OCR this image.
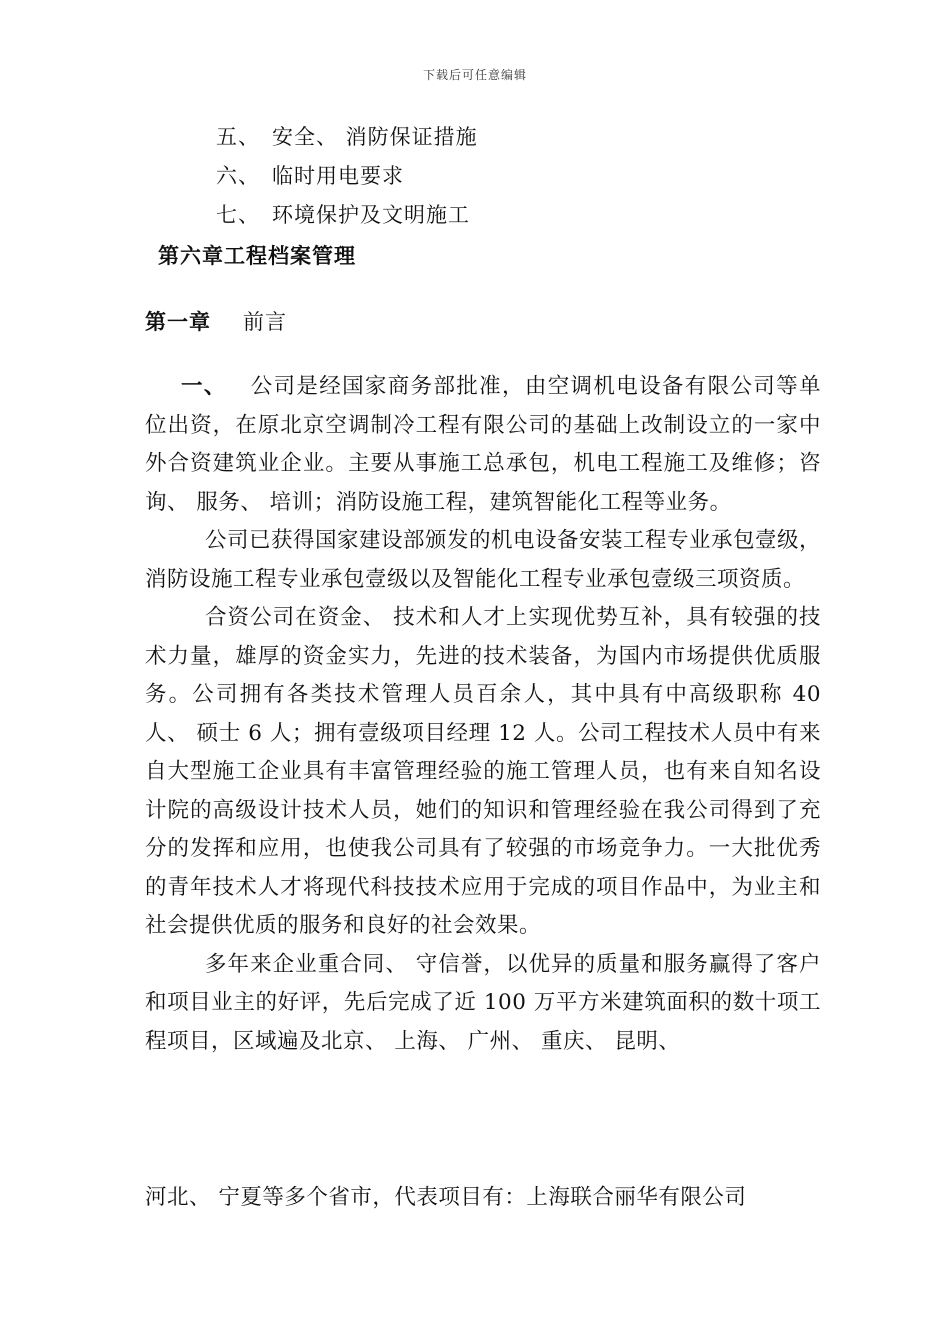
下载后可任意编辑
五、 安全、 消防保证措施
六、 临时用电要求
七、 环境保护及文明施工
第六章工程档案管理
第一章 前言

一、 公司是经国家商务部批准，由空调机电设备有限公司等单位出资，在原北京空调制冷工程有限公司的基础上改制设立的一家中外合资建筑业企业。主要从事施工总承包，机电工程施工及维修；咨询、 服务、 培训；消防设施工程，建筑智能化工程等业务。

公司已获得国家建设部颁发的机电设备安装工程专业承包壹级，消防设施工程专业承包壹级以及智能化工程专业承包壹级三项资质。

合资公司在资金、 技术和人才上实现优势互补，具有较强的技术力量，雄厚的资金实力，先进的技术装备，为国内市场提供优质服务。公司拥有各类技术管理人员百余人，其中具有中高级职称 40 人、 硕士 6 人；拥有壹级项目经理 12 人。公司工程技术人员中有来自大型施工企业具有丰富管理经验的施工管理人员，也有来自知名设计院的高级设计技术人员，她们的知识和管理经验在我公司得到了充分的发挥和应用，也使我公司具有了较强的市场竞争力。一大批优秀的青年技术人才将现代科技技术应用于完成的项目作品中，为业主和社会提供优质的服务和良好的社会效果。

多年来企业重合同、 守信誉，以优异的质量和服务赢得了客户和项目业主的好评，先后完成了近 100 万平方米建筑面积的数十项工程项目，区域遍及北京、 上海、 广州、 重庆、 昆明、

河北、 宁夏等多个省市，代表项目有：上海联合丽华有限公司
